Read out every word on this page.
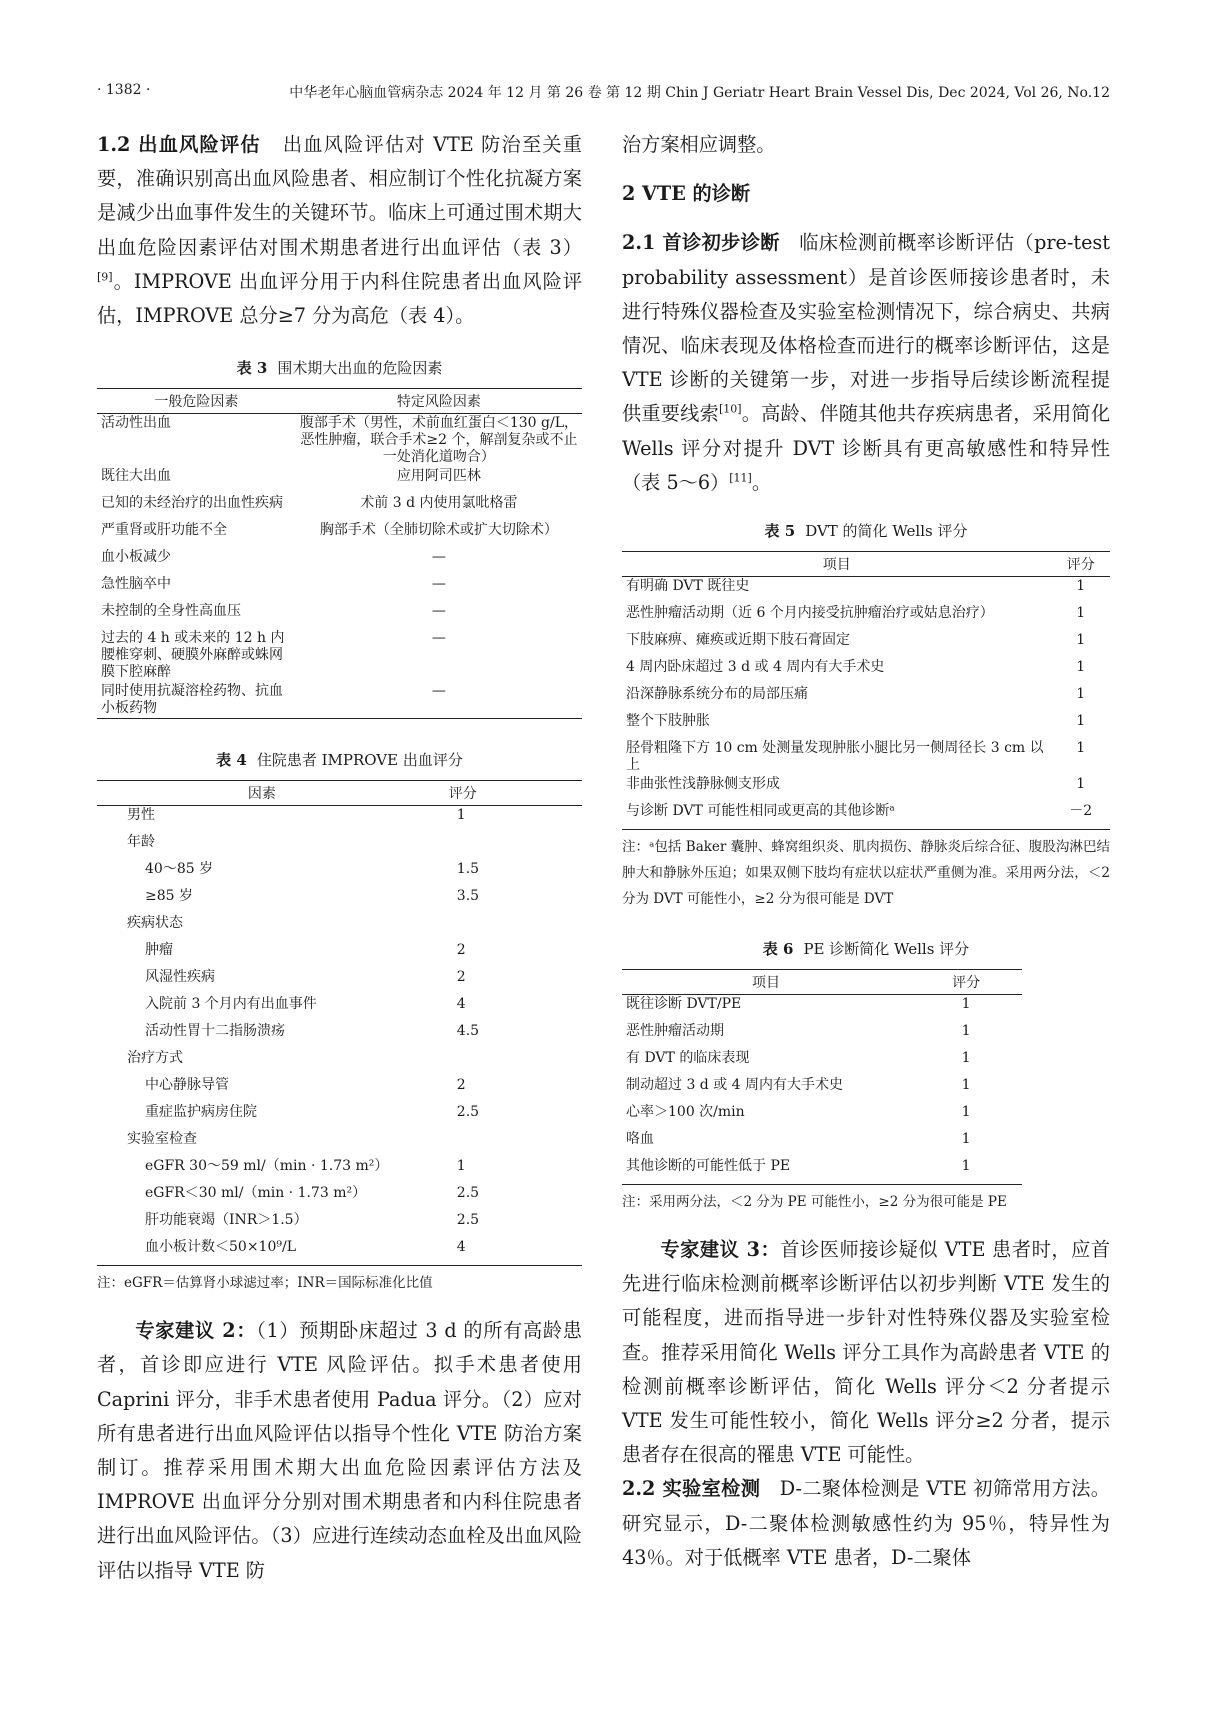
· 1382 ·	中华老年心脑血管病杂志 2024 年 12 月 第 26 卷 第 12 期 Chin J Geriatr Heart Brain Vessel Dis, Dec 2024, Vol 26, No.12

1.2 出血风险评估 出血风险评估对 VTE 防治至关重要，准确识别高出血风险患者、相应制订个性化抗凝方案是减少出血事件发生的关键环节。临床上可通过围术期大出血危险因素评估对围术期患者进行出血评估（表 3）[9]。IMPROVE 出血评分用于内科住院患者出血风险评估，IMPROVE 总分≥7 分为高危（表 4）。

表 3 围术期大出血的危险因素
一般危险因素	特定风险因素
活动性出血	腹部手术（男性，术前血红蛋白＜130 g/L，恶性肿瘤，联合手术≥2 个，解剖复杂或不止一处消化道吻合）
既往大出血	应用阿司匹林
已知的未经治疗的出血性疾病	术前 3 d 内使用氯吡格雷
严重肾或肝功能不全	胸部手术（全肺切除术或扩大切除术）
血小板减少	—
急性脑卒中	—
未控制的全身性高血压	—
过去的 4 h 或未来的 12 h 内腰椎穿刺、硬膜外麻醉或蛛网膜下腔麻醉	—
同时使用抗凝溶栓药物、抗血小板药物	—
表 4 住院患者 IMPROVE 出血评分
因素	评分
男性	1
年龄	
40～85 岁	1.5
≥85 岁	3.5
疾病状态	
肿瘤	2
风湿性疾病	2
入院前 3 个月内有出血事件	4
活动性胃十二指肠溃疡	4.5
治疗方式	
中心静脉导管	2
重症监护病房住院	2.5
实验室检查	
eGFR 30～59 ml/（min · 1.73 m²）	1
eGFR＜30 ml/（min · 1.73 m²）	2.5
肝功能衰竭（INR＞1.5）	2.5
血小板计数＜50×10⁹/L	4

注：eGFR＝估算肾小球滤过率；INR＝国际标准化比值

专家建议 2：（1）预期卧床超过 3 d 的所有高龄患者，首诊即应进行 VTE 风险评估。拟手术患者使用 Caprini 评分，非手术患者使用 Padua 评分。（2）应对所有患者进行出血风险评估以指导个性化 VTE 防治方案制订。推荐采用围术期大出血危险因素评估方法及 IMPROVE 出血评分分别对围术期患者和内科住院患者进行出血风险评估。（3）应进行连续动态血栓及出血风险评估以指导 VTE 防

治方案相应调整。

2 VTE 的诊断

2.1 首诊初步诊断 临床检测前概率诊断评估（pre-test probability assessment）是首诊医师接诊患者时，未进行特殊仪器检查及实验室检测情况下，综合病史、共病情况、临床表现及体格检查而进行的概率诊断评估，这是 VTE 诊断的关键第一步，对进一步指导后续诊断流程提供重要线索[10]。高龄、伴随其他共存疾病患者，采用简化 Wells 评分对提升 DVT 诊断具有更高敏感性和特异性（表 5～6）[11]。

表 5 DVT 的简化 Wells 评分
项目	评分
有明确 DVT 既往史	1
恶性肿瘤活动期（近 6 个月内接受抗肿瘤治疗或姑息治疗）	1
下肢麻痹、瘫痪或近期下肢石膏固定	1
4 周内卧床超过 3 d 或 4 周内有大手术史	1
沿深静脉系统分布的局部压痛	1
整个下肢肿胀	1
胫骨粗隆下方 10 cm 处测量发现肿胀小腿比另一侧周径长 3 cm 以上	1
非曲张性浅静脉侧支形成	1
与诊断 DVT 可能性相同或更高的其他诊断ᵃ	－2

注：ᵃ包括 Baker 囊肿、蜂窝组织炎、肌肉损伤、静脉炎后综合征、腹股沟淋巴结肿大和静脉外压迫；如果双侧下肢均有症状以症状严重侧为准。采用两分法，＜2 分为 DVT 可能性小，≥2 分为很可能是 DVT

表 6 PE 诊断简化 Wells 评分
项目	评分
既往诊断 DVT/PE	1
恶性肿瘤活动期	1
有 DVT 的临床表现	1
制动超过 3 d 或 4 周内有大手术史	1
心率＞100 次/min	1
咯血	1
其他诊断的可能性低于 PE	1

注：采用两分法，＜2 分为 PE 可能性小，≥2 分为很可能是 PE

专家建议 3：首诊医师接诊疑似 VTE 患者时，应首先进行临床检测前概率诊断评估以初步判断 VTE 发生的可能程度，进而指导进一步针对性特殊仪器及实验室检查。推荐采用简化 Wells 评分工具作为高龄患者 VTE 的检测前概率诊断评估，简化 Wells 评分＜2 分者提示 VTE 发生可能性较小，简化 Wells 评分≥2 分者，提示患者存在很高的罹患 VTE 可能性。

2.2 实验室检测 D-二聚体检测是 VTE 初筛常用方法。研究显示，D-二聚体检测敏感性约为 95％，特异性为 43％。对于低概率 VTE 患者，D-二聚体
